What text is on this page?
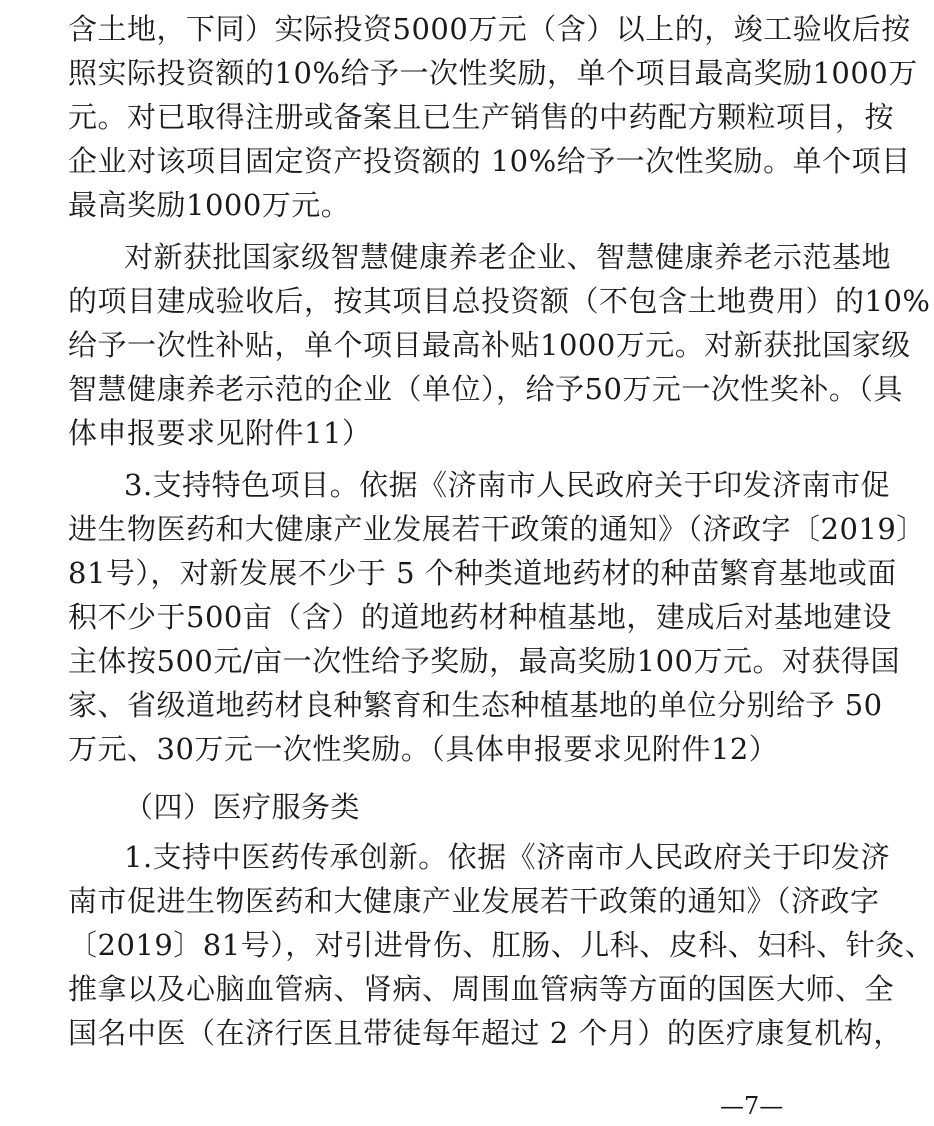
含土地，下同）实际投资5000万元（含）以上的，竣工验收后按
照实际投资额的10%给予一次性奖励，单个项目最高奖励1000万
元。对已取得注册或备案且已生产销售的中药配方颗粒项目，按
企业对该项目固定资产投资额的 10%给予一次性奖励。单个项目
最高奖励1000万元。
对新获批国家级智慧健康养老企业、智慧健康养老示范基地
的项目建成验收后，按其项目总投资额（不包含土地费用）的10%
给予一次性补贴，单个项目最高补贴1000万元。对新获批国家级
智慧健康养老示范的企业（单位），给予50万元一次性奖补。（具
体申报要求见附件11）
3.支持特色项目。依据《济南市人民政府关于印发济南市促
进生物医药和大健康产业发展若干政策的通知》（济政字〔2019〕
81号），对新发展不少于 5 个种类道地药材的种苗繁育基地或面
积不少于500亩（含）的道地药材种植基地，建成后对基地建设
主体按500元/亩一次性给予奖励，最高奖励100万元。对获得国
家、省级道地药材良种繁育和生态种植基地的单位分别给予 50
万元、30万元一次性奖励。（具体申报要求见附件12）
（四）医疗服务类
1.支持中医药传承创新。依据《济南市人民政府关于印发济
南市促进生物医药和大健康产业发展若干政策的通知》（济政字
〔2019〕81号），对引进骨伤、肛肠、儿科、皮科、妇科、针灸、
推拿以及心脑血管病、肾病、周围血管病等方面的国医大师、全
国名中医（在济行医且带徒每年超过 2 个月）的医疗康复机构，
—7—
